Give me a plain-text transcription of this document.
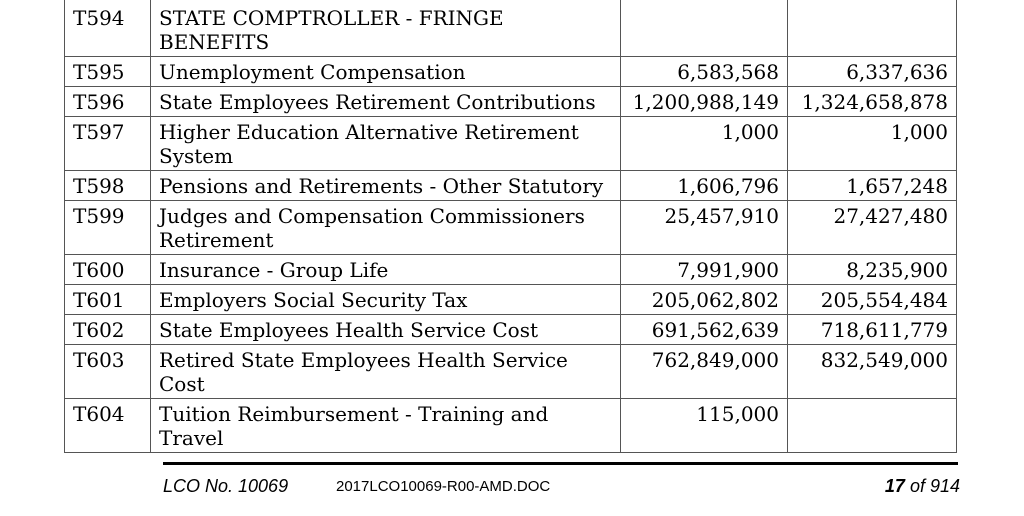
T594	STATE COMPTROLLER - FRINGE BENEFITS		
T595	Unemployment Compensation	6,583,568	6,337,636
T596	State Employees Retirement Contributions	1,200,988,149	1,324,658,878
T597	Higher Education Alternative Retirement System	1,000	1,000
T598	Pensions and Retirements - Other Statutory	1,606,796	1,657,248
T599	Judges and Compensation Commissioners Retirement	25,457,910	27,427,480
T600	Insurance - Group Life	7,991,900	8,235,900
T601	Employers Social Security Tax	205,062,802	205,554,484
T602	State Employees Health Service Cost	691,562,639	718,611,779
T603	Retired State Employees Health Service Cost	762,849,000	832,549,000
T604	Tuition Reimbursement - Training and Travel	115,000	
LCO No. 10069	2017LCO10069-R00-AMD.DOC	17 of 914
